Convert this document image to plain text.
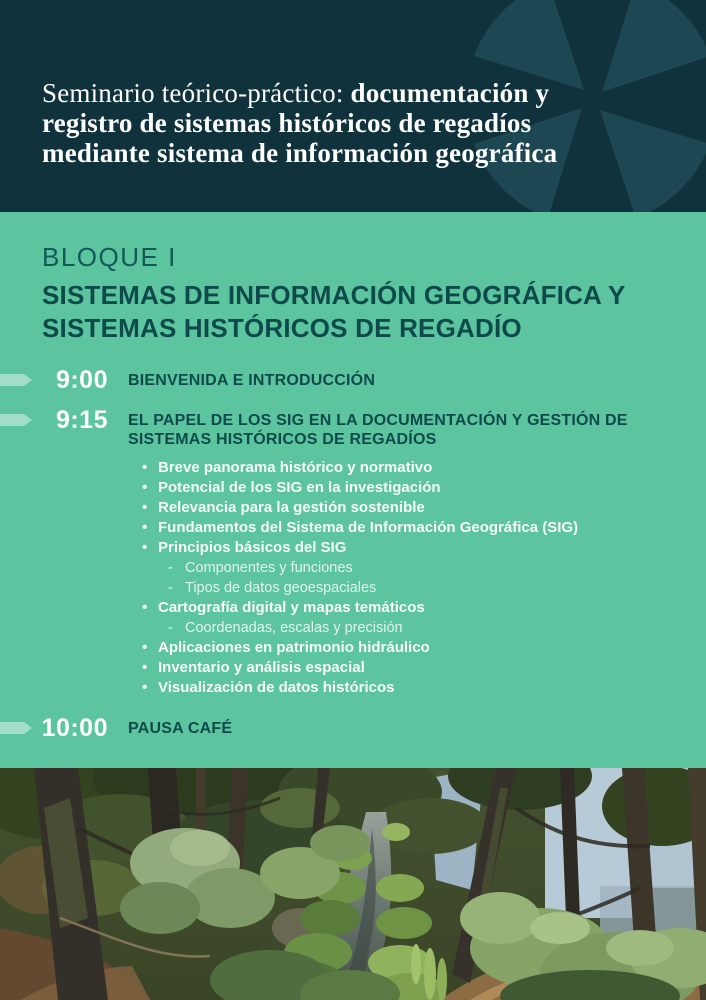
Seminario teórico-práctico: documentación y
registro de sistemas históricos de regadíos
mediante sistema de información geográfica
BLOQUE I
SISTEMAS DE INFORMACIÓN GEOGRÁFICA Y
SISTEMAS HISTÓRICOS DE REGADÍO
9:00 BIENVENIDA E INTRODUCCIÓN
9:15 EL PAPEL DE LOS SIG EN LA DOCUMENTACIÓN Y GESTIÓN DE
SISTEMAS HISTÓRICOS DE REGADÍOS
• Breve panorama histórico y normativo
• Potencial de los SIG en la investigación
• Relevancia para la gestión sostenible
• Fundamentos del Sistema de Información Geográfica (SIG)
• Principios básicos del SIG
- Componentes y funciones
- Tipos de datos geoespaciales
• Cartografía digital y mapas temáticos
- Coordenadas, escalas y precisión
• Aplicaciones en patrimonio hidráulico
• Inventario y análisis espacial
• Visualización de datos históricos
10:00 PAUSA CAFÉ
